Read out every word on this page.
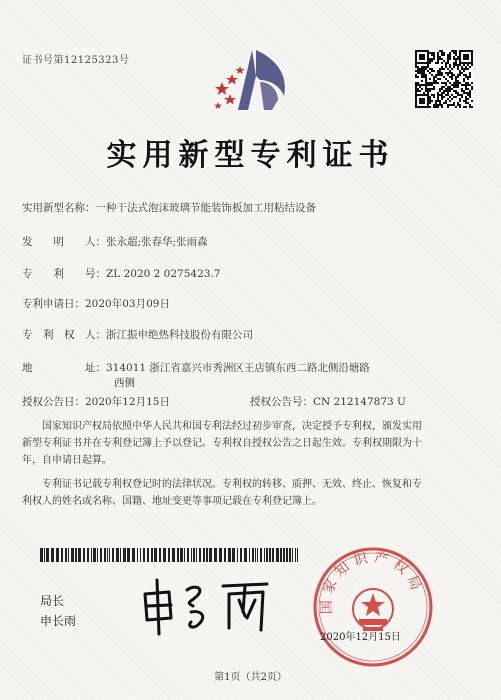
证书号第12125323号
实用新型专利证书
实用新型名称：一种干法式泡沫玻璃节能装饰板加工用粘结设备
发　　明　　人：张永超;张春华;张雨森
专　　利　　号：ZL 2020 2 0275423.7
专利申请日：2020年03月09日
专　利　权　人：浙江振申绝热科技股份有限公司
地　　　　　址：314011 浙江省嘉兴市秀洲区王店镇东西二路北侧沿塘路
西侧
授权公告日：2020年12月15日	授权公告号：CN 212147873 U
　　国家知识产权局依照中华人民共和国专利法经过初步审查，决定授予专利权，颁发实用
新型专利证书并在专利登记簿上予以登记。专利权自授权公告之日起生效。专利权期限为十
年，自申请日起算。
　　专利证书记载专利权登记时的法律状况。专利权的转移、质押、无效、终止、恢复和专
利权人的姓名或名称、国籍、地址变更等事项记载在专利登记簿上。
局长
申长雨
国家知识产权局
2020年12月15日
第1页（共2页）
